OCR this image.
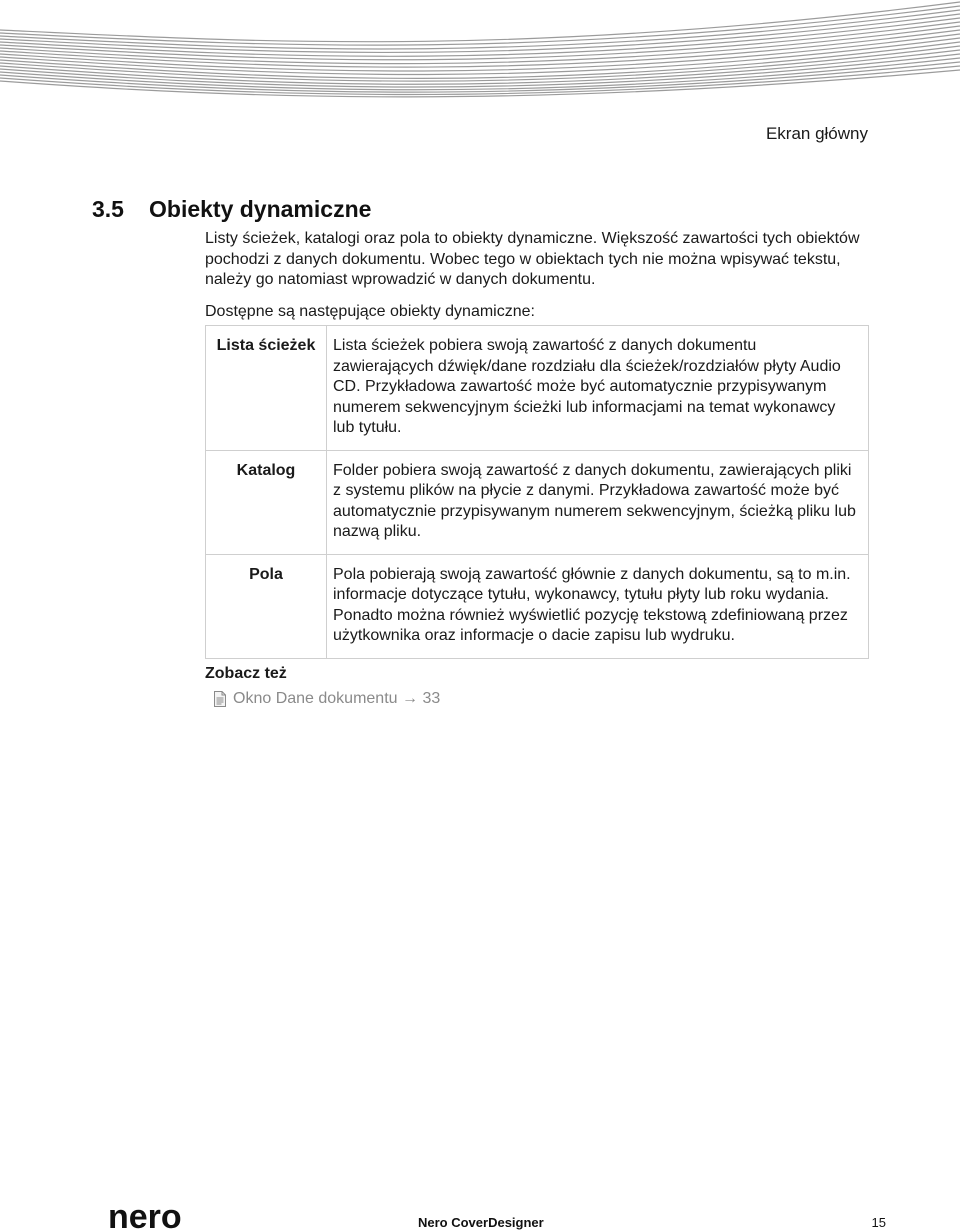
Ekran główny
3.5 Obiekty dynamiczne

Listy ścieżek, katalogi oraz pola to obiekty dynamiczne. Większość zawartości tych obiektów pochodzi z danych dokumentu. Wobec tego w obiektach tych nie można wpisywać tekstu, należy go natomiast wprowadzić w danych dokumentu.

Dostępne są następujące obiekty dynamiczne:

Lista ścieżek	Lista ścieżek pobiera swoją zawartość z danych dokumentu zawierających dźwięk/dane rozdziału dla ścieżek/rozdziałów płyty Audio CD. Przykładowa zawartość może być automatycznie przypisywanym numerem sekwencyjnym ścieżki lub informacjami na temat wykonawcy lub tytułu.
Katalog	Folder pobiera swoją zawartość z danych dokumentu, zawierających pliki z systemu plików na płycie z danymi. Przykładowa zawartość może być automatycznie przypisywanym numerem sekwencyjnym, ścieżką pliku lub nazwą pliku.
Pola	Pola pobierają swoją zawartość głównie z danych dokumentu, są to m.in. informacje dotyczące tytułu, wykonawcy, tytułu płyty lub roku wydania. Ponadto można również wyświetlić pozycję tekstową zdefiniowaną przez użytkownika oraz informacje o dacie zapisu lub wydruku.
Zobacz też
Okno Dane dokumentu
→
33
nero	Nero CoverDesigner	15
